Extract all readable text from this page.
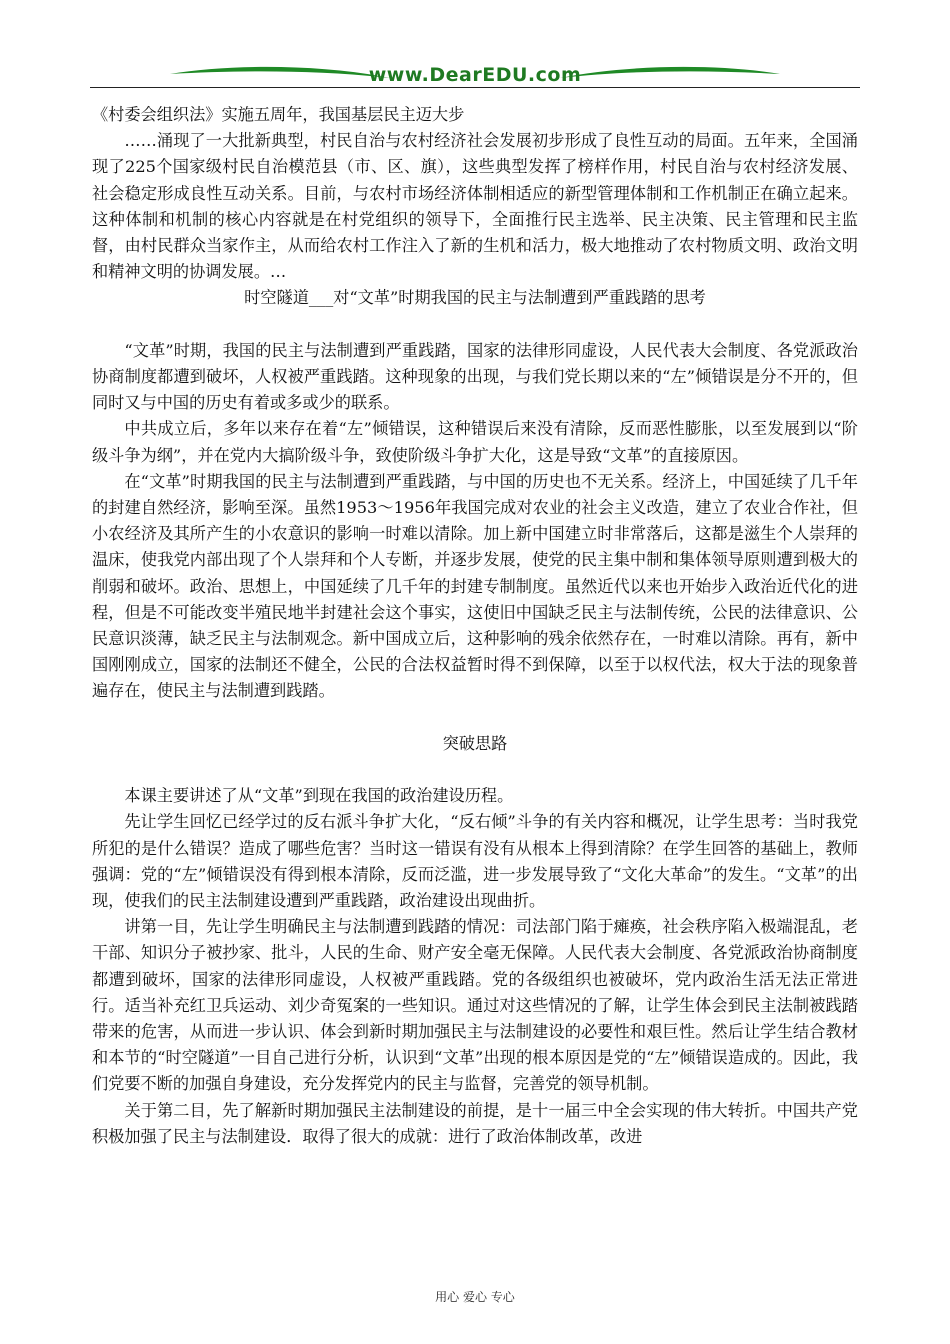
www.DearEDU.com

《村委会组织法》实施五周年，我国基层民主迈大步

……涌现了一大批新典型，村民自治与农村经济社会发展初步形成了良性互动的局面。五年来，全国涌现了225个国家级村民自治模范县（市、区、旗），这些典型发挥了榜样作用，村民自治与农村经济发展、社会稳定形成良性互动关系。目前，与农村市场经济体制相适应的新型管理体制和工作机制正在确立起来。这种体制和机制的核心内容就是在村党组织的领导下，全面推行民主选举、民主决策、民主管理和民主监督，由村民群众当家作主，从而给农村工作注入了新的生机和活力，极大地推动了农村物质文明、政治文明和精神文明的协调发展。…

时空隧道___对“文革”时期我国的民主与法制遭到严重践踏的思考

“文革”时期，我国的民主与法制遭到严重践踏，国家的法律形同虚设，人民代表大会制度、各党派政治协商制度都遭到破坏，人权被严重践踏。这种现象的出现，与我们党长期以来的“左”倾错误是分不开的，但同时又与中国的历史有着或多或少的联系。

中共成立后，多年以来存在着“左”倾错误，这种错误后来没有清除，反而恶性膨胀，以至发展到以“阶级斗争为纲”，并在党内大搞阶级斗争，致使阶级斗争扩大化，这是导致“文革”的直接原因。

在“文革”时期我国的民主与法制遭到严重践踏，与中国的历史也不无关系。经济上，中国延续了几千年的封建自然经济，影响至深。虽然1953～1956年我国完成对农业的社会主义改造，建立了农业合作社，但小农经济及其所产生的小农意识的影响一时难以清除。加上新中国建立时非常落后，这都是滋生个人崇拜的温床，使我党内部出现了个人崇拜和个人专断，并逐步发展，使党的民主集中制和集体领导原则遭到极大的削弱和破坏。政治、思想上，中国延续了几千年的封建专制制度。虽然近代以来也开始步入政治近代化的进程，但是不可能改变半殖民地半封建社会这个事实，这使旧中国缺乏民主与法制传统，公民的法律意识、公民意识淡薄，缺乏民主与法制观念。新中国成立后，这种影响的残余依然存在，一时难以清除。再有，新中国刚刚成立，国家的法制还不健全，公民的合法权益暂时得不到保障，以至于以权代法，权大于法的现象普遍存在，使民主与法制遭到践踏。

突破思路

本课主要讲述了从“文革”到现在我国的政治建设历程。

先让学生回忆已经学过的反右派斗争扩大化，“反右倾”斗争的有关内容和概况，让学生思考：当时我党所犯的是什么错误？造成了哪些危害？当时这一错误有没有从根本上得到清除？在学生回答的基础上，教师强调：党的“左”倾错误没有得到根本清除，反而泛滥，进一步发展导致了“文化大革命”的发生。“文革”的出现，使我们的民主法制建设遭到严重践踏，政治建设出现曲折。

讲第一目，先让学生明确民主与法制遭到践踏的情况：司法部门陷于瘫痪，社会秩序陷入极端混乱，老干部、知识分子被抄家、批斗，人民的生命、财产安全毫无保障。人民代表大会制度、各党派政治协商制度都遭到破坏，国家的法律形同虚设，人权被严重践踏。党的各级组织也被破坏，党内政治生活无法正常进行。适当补充红卫兵运动、刘少奇冤案的一些知识。通过对这些情况的了解，让学生体会到民主法制被践踏带来的危害，从而进一步认识、体会到新时期加强民主与法制建设的必要性和艰巨性。然后让学生结合教材和本节的“时空隧道”一目自己进行分析，认识到“文革”出现的根本原因是党的“左”倾错误造成的。因此，我们党要不断的加强自身建设，充分发挥党内的民主与监督，完善党的领导机制。

关于第二目，先了解新时期加强民主法制建设的前提，是十一届三中全会实现的伟大转折。中国共产党积极加强了民主与法制建设．取得了很大的成就：进行了政治体制改革，改进

用心 爱心 专心
